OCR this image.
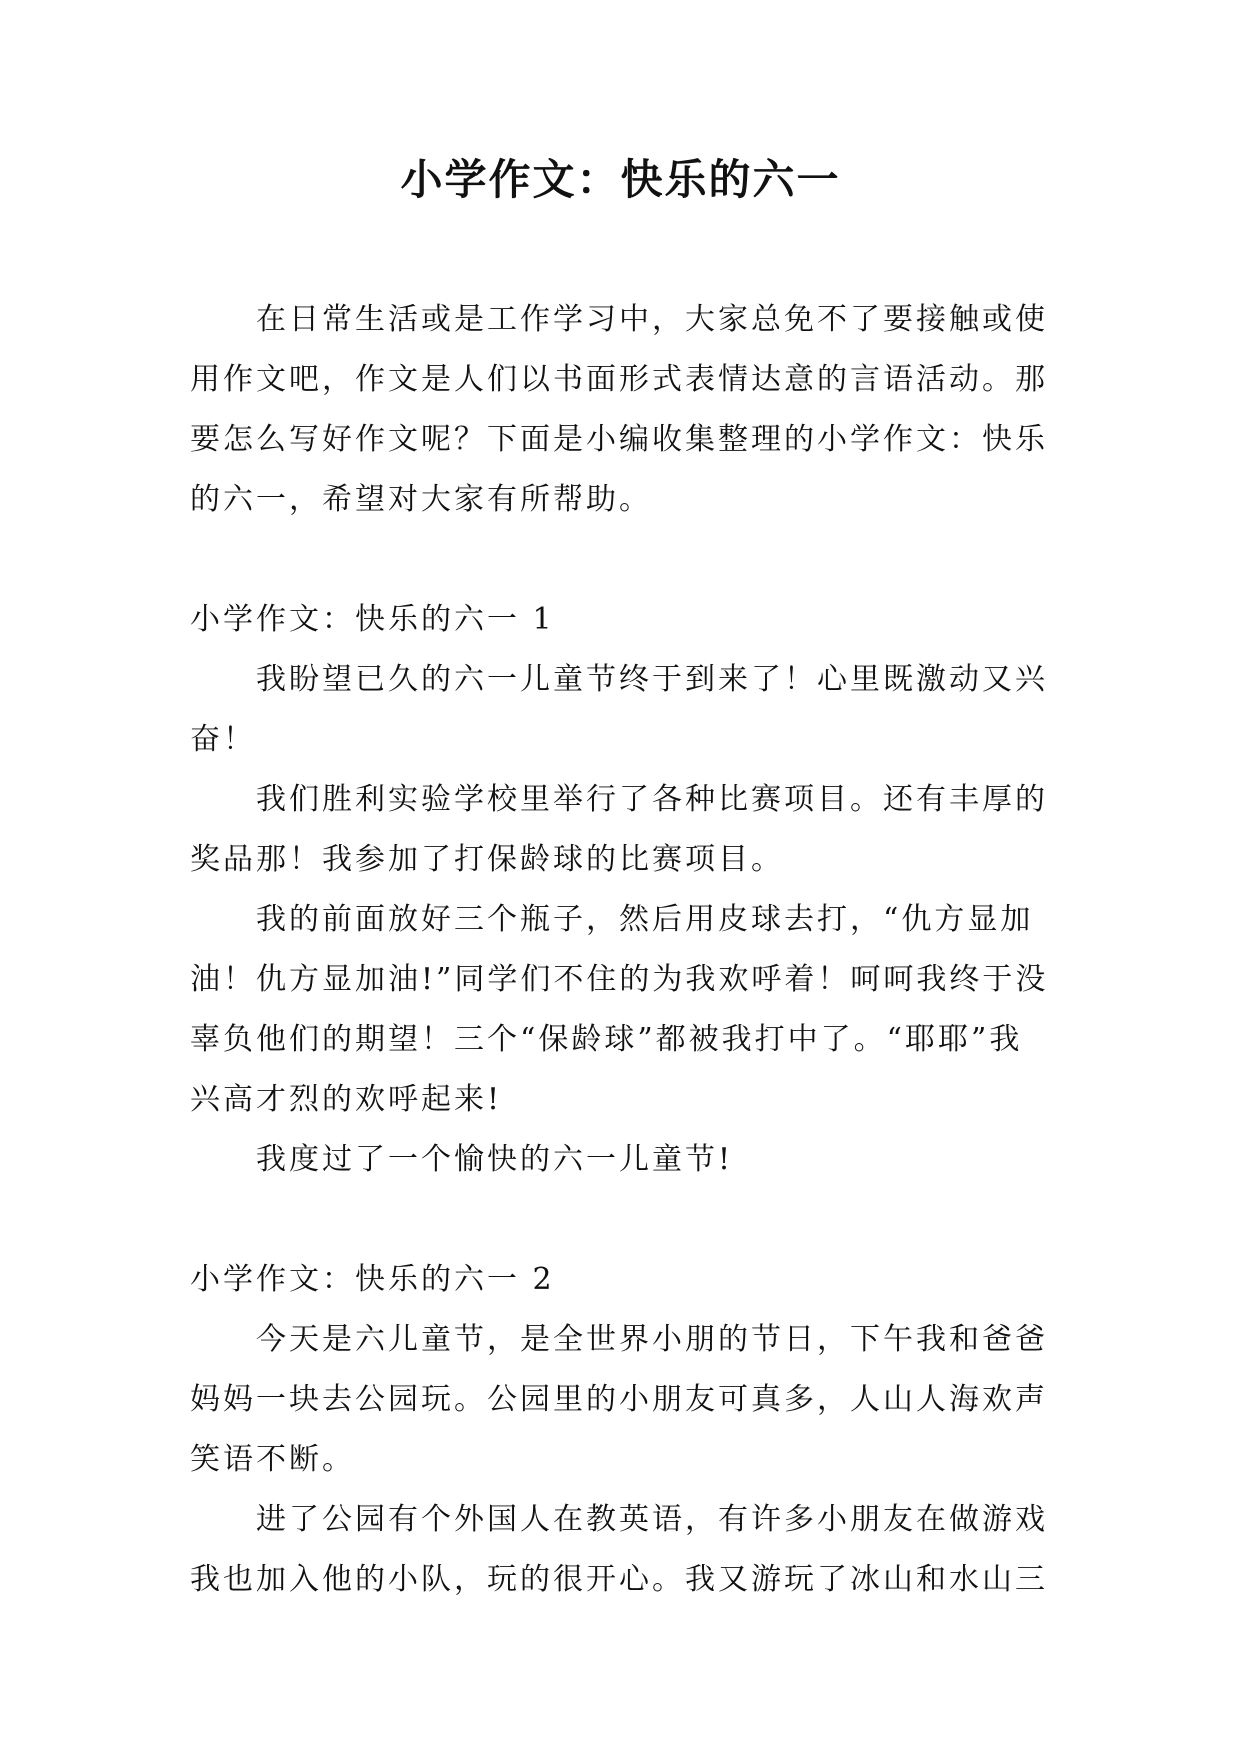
小学作文：快乐的六一

在日常生活或是工作学习中，大家总免不了要接触或使用作文吧，作文是人们以书面形式表情达意的言语活动。那要怎么写好作文呢？下面是小编收集整理的小学作文：快乐的六一，希望对大家有所帮助。

小学作文：快乐的六一 1

我盼望已久的六一儿童节终于到来了！心里既激动又兴奋！

我们胜利实验学校里举行了各种比赛项目。还有丰厚的奖品那！我参加了打保龄球的比赛项目。

我的前面放好三个瓶子，然后用皮球去打，“仇方显加油！仇方显加油!”同学们不住的为我欢呼着！呵呵我终于没辜负他们的期望！三个“保龄球”都被我打中了。“耶耶”我兴高才烈的欢呼起来!

我度过了一个愉快的六一儿童节!

小学作文：快乐的六一 2

今天是六儿童节，是全世界小朋的节日，下午我和爸爸妈妈一块去公园玩。公园里的小朋友可真多，人山人海欢声笑语不断。

进了公园有个外国人在教英语，有许多小朋友在做游戏我也加入他的小队，玩的很开心。我又游玩了冰山和水山三
